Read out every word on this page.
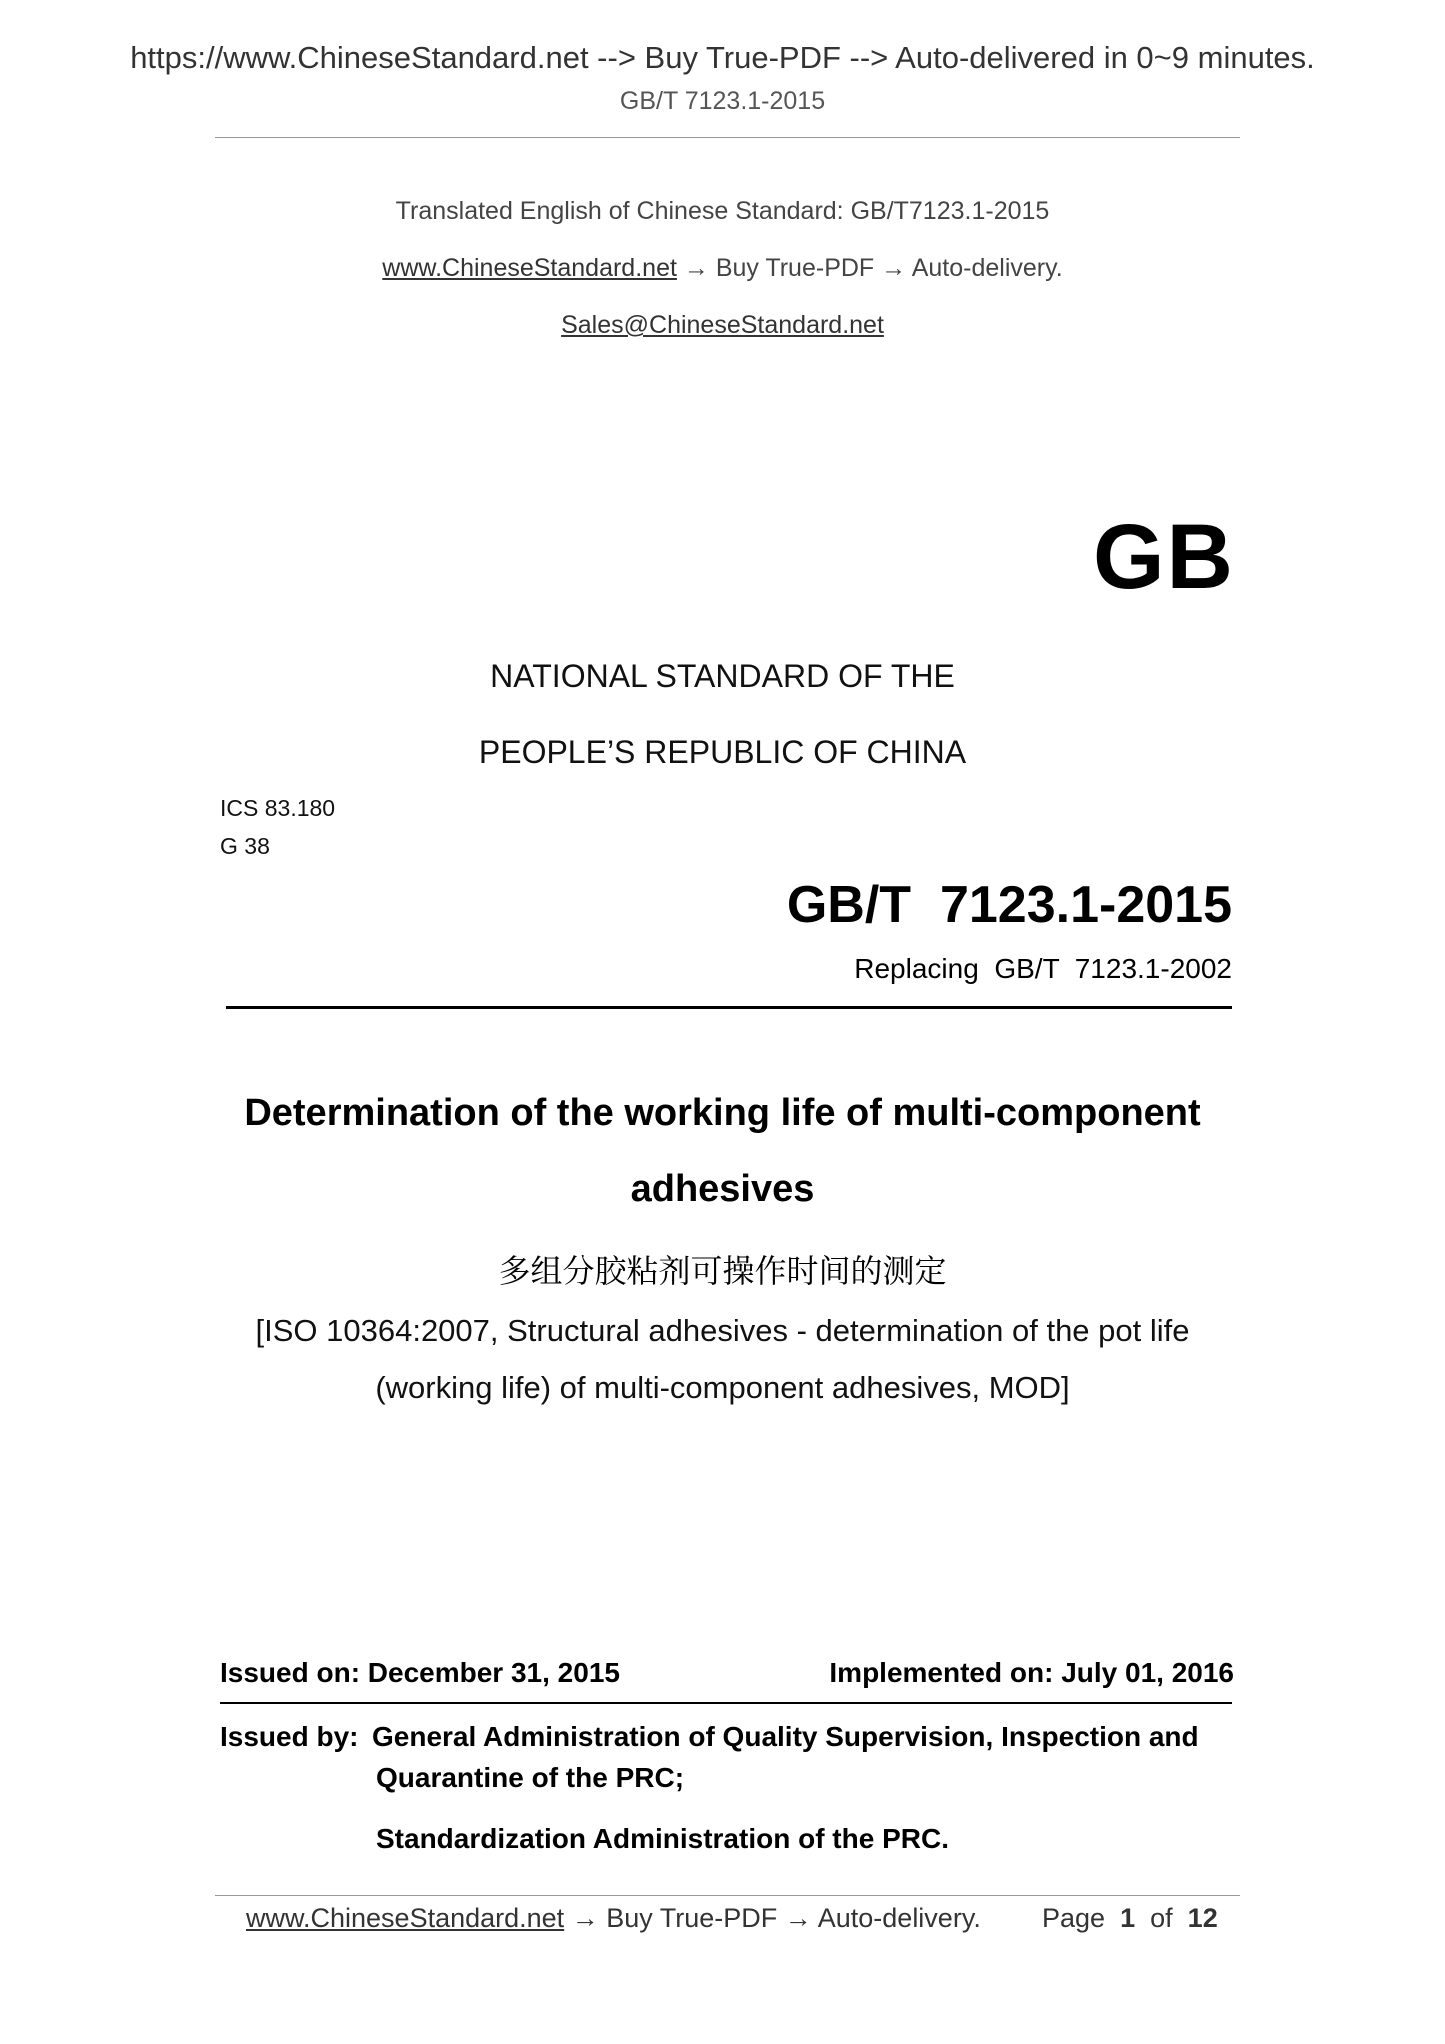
https://www.ChineseStandard.net --> Buy True-PDF --> Auto-delivered in 0~9 minutes.
GB/T 7123.1-2015
Translated English of Chinese Standard: GB/T7123.1-2015
www.ChineseStandard.net → Buy True-PDF → Auto-delivery.
Sales@ChineseStandard.net
GB
NATIONAL STANDARD OF THE
PEOPLE’S REPUBLIC OF CHINA
ICS 83.180
G 38
GB/T  7123.1-2015
Replacing  GB/T  7123.1-2002
Determination of the working life of multi-component
adhesives
多组分胶粘剂可操作时间的测定
[ISO 10364:2007, Structural adhesives - determination of the pot life
(working life) of multi-component adhesives, MOD]
Issued on: December 31, 2015	Implemented on: July 01, 2016
Issued by: General Administration of Quality Supervision, Inspection and
Quarantine of the PRC;
Standardization Administration of the PRC.
www.ChineseStandard.net → Buy True-PDF → Auto-delivery. Page 1 of 12
